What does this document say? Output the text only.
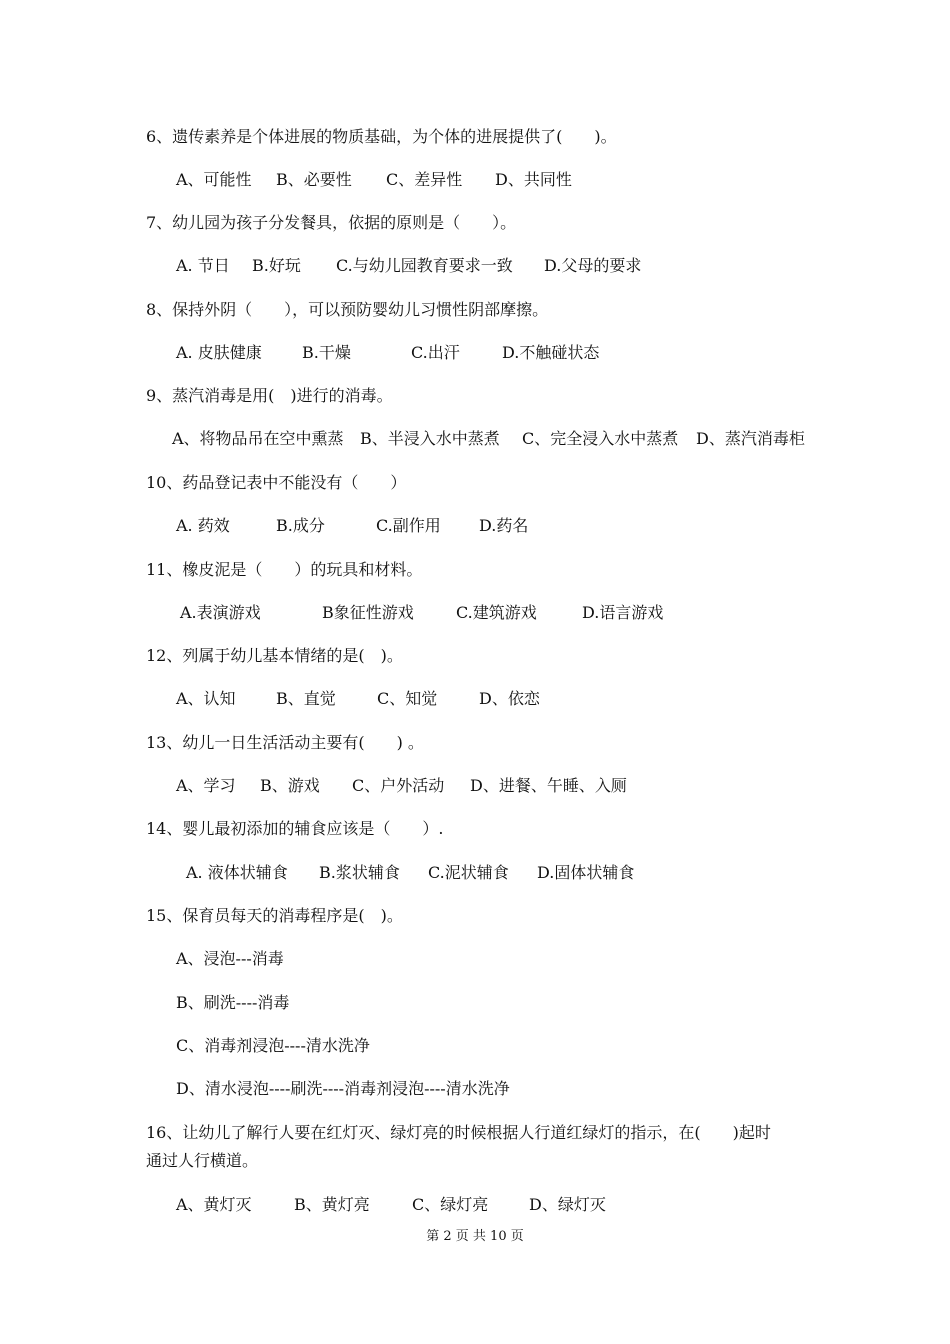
6、遗传素养是个体进展的物质基础，为个体的进展提供了(　　)。
A、可能性 B、必要性 C、差异性 D、共同性
7、幼儿园为孩子分发餐具，依据的原则是（　　）。
A. 节日 B.好玩 C.与幼儿园教育要求一致 D.父母的要求
8、保持外阴（　　），可以预防婴幼儿习惯性阴部摩擦。
A. 皮肤健康	B.干燥	C.出汗	D.不触碰状态
9、蒸汽消毒是用(　)进行的消毒。
A、将物品吊在空中熏蒸 B、半浸入水中蒸煮 C、完全浸入水中蒸煮 D、蒸汽消毒柜
10、药品登记表中不能没有（　　）
A. 药效	B.成分	C.副作用 D.药名
11、橡皮泥是（　　）的玩具和材料。
A.表演游戏	B象征性游戏	C.建筑游戏	D.语言游戏
12、列属于幼儿基本情绪的是(　)。
A、认知	B、直觉	C、知觉	D、依恋
13、幼儿一日生活活动主要有(　　) 。
A、学习 B、游戏 C、户外活动 D、进餐、午睡、入厕
14、婴儿最初添加的辅食应该是（　　）.
A. 液体状辅食 B.浆状辅食 C.泥状辅食 D.固体状辅食
15、保育员每天的消毒程序是(　)。
A、浸泡---消毒
B、刷洗----消毒
C、消毒剂浸泡----清水洗净
D、清水浸泡----刷洗----消毒剂浸泡----清水洗净
16、让幼儿了解行人要在红灯灭、绿灯亮的时候根据人行道红绿灯的指示，在(　　)起时
通过人行横道。
A、黄灯灭	B、黄灯亮	C、绿灯亮	D、绿灯灭
第 2 页 共 10 页
